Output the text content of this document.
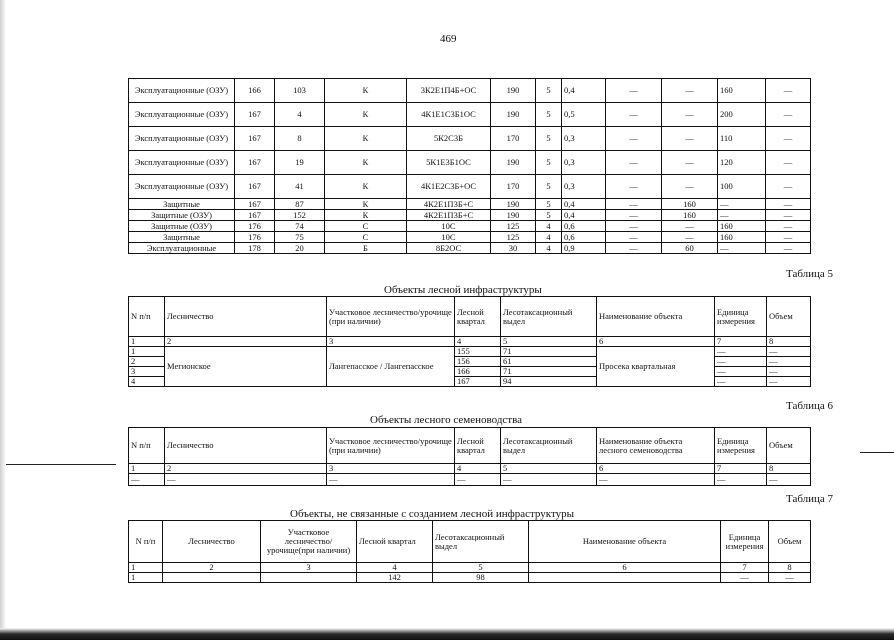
469
Эксплуатационные (ОЗУ)	166	103	К	3К2Е1П4Б+ОС	190	5	0,4	—	—	160	—
Эксплуатационные (ОЗУ)	167	4	К	4К1Е1С3Б1ОС	190	5	0,5	—	—	200	—
Эксплуатационные (ОЗУ)	167	8	К	5К2С3Б	170	5	0,3	—	—	110	—
Эксплуатационные (ОЗУ)	167	19	К	5К1Е3Б1ОС	190	5	0,3	—	—	120	—
Эксплуатационные (ОЗУ)	167	41	К	4К1Е2С3Б+ОС	170	5	0,3	—	—	100	—
Защитные	167	87	К	4К2Е1П3Б+С	190	5	0,4	—	160	—	—
Защитные (ОЗУ)	167	152	К	4К2Е1П3Б+С	190	5	0,4	—	160	—	—
Защитные (ОЗУ)	176	74	С	10С	125	4	0,6	—	—	160	—
Защитные	176	75	С	10С	125	4	0,6	—	—	160	—
Эксплуатационные	178	20	Б	8Б2ОС	30	4	0,9	—	60	—	—
Таблица 5
Объекты лесной инфраструктуры
N п/п	Лесничество	Участковое лесничество/урочище (при наличии)	Лесной квартал	Лесотаксационный выдел	Наименование объекта	Единица измерения	Объем
1	2	3	4	5	6	7	8
1	Мегионское	Лангепасское / Лангепасское	155	71	Просека квартальная	—	—
2			156	61		—	—
3			166	71		—	—
4			167	94		—	—
Таблица 6
Объекты лесного семеноводства
N п/п	Лесничество	Участковое лесничество/урочище (при наличии)	Лесной квартал	Лесотаксационный выдел	Наименование объекта лесного семеноводства	Единица измерения	Объем
1	2	3	4	5	6	7	8
—	—	—	—	—	—	—	—
Таблица 7
Объекты, не связанные с созданием лесной инфраструктуры
N п/п	Лесничество	Участковое лесничество/урочище(при наличии)	Лесной квартал	Лесотаксационный выдел	Наименование объекта	Единица измерения	Объем
1	2	3	4	5	6	7	8
1			142	98		—	—
